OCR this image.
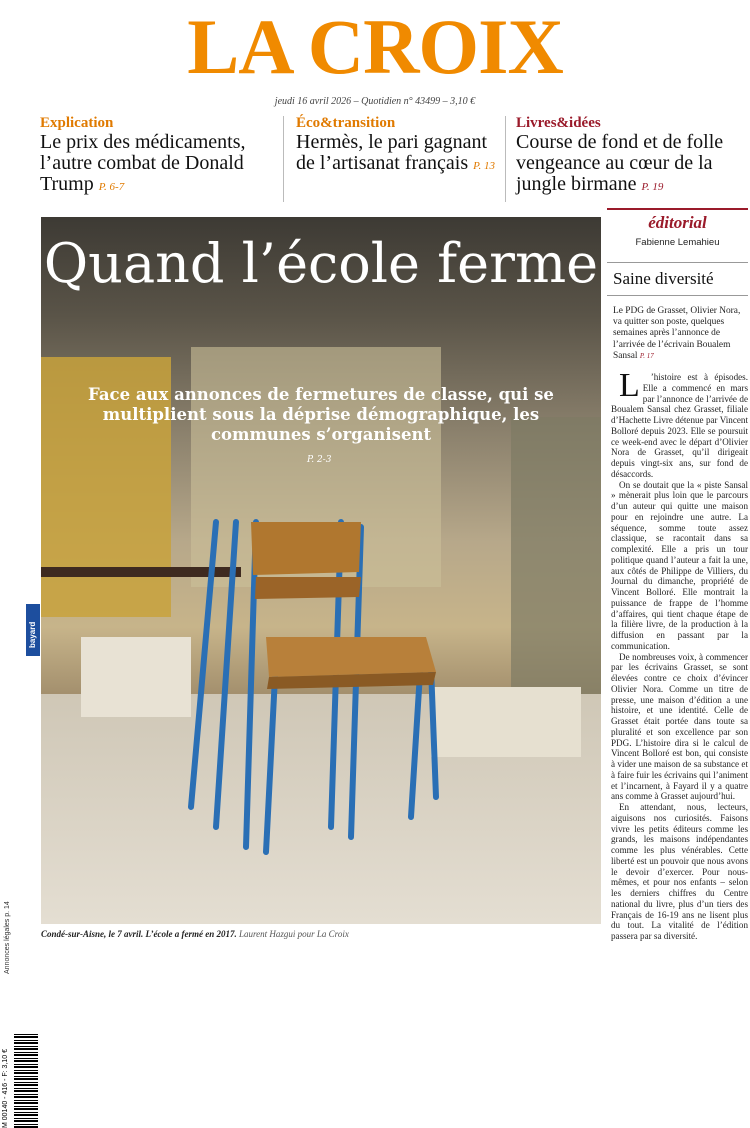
LA CROIX
jeudi 16 avril 2026 – Quotidien n° 43499 – 3,10 €
Explication
Le prix des médicaments, l’autre combat de Donald Trump P. 6-7
Éco&transition
Hermès, le pari gagnant de l’artisanat français P. 13
Livres&idées
Course de fond et de folle vengeance au cœur de la jungle birmane P. 19
bayard
Annonces légales p. 14
M 00140 - 416 - F: 3,10 €
Quand l’école ferme
Face aux annonces de fermetures de classe, qui se multiplient sous la déprise démographique, les communes s’organisent
P. 2-3
Condé-sur-Aisne, le 7 avril. L’école a fermé en 2017. Laurent Hazgui pour La Croix
éditorial
Fabienne Lemahieu
Saine diversité
Le PDG de Grasset, Olivier Nora, va quitter son poste, quelques semaines après l’annonce de l’arrivée de l’écrivain Boualem Sansal P. 17

L ’histoire est à épisodes. Elle a commencé en mars par l’annonce de l’arrivée de Boualem Sansal chez Grasset, filiale d’Hachette Livre détenue par Vincent Bolloré depuis 2023. Elle se poursuit ce week-end avec le départ d’Olivier Nora de Grasset, qu’il dirigeait depuis vingt-six ans, sur fond de désaccords.

On se doutait que la « piste Sansal » mènerait plus loin que le parcours d’un auteur qui quitte une maison pour en rejoindre une autre. La séquence, somme toute assez classique, se racontait dans sa complexité. Elle a pris un tour politique quand l’auteur a fait la une, aux côtés de Philippe de Villiers, du Journal du dimanche, propriété de Vincent Bolloré. Elle montrait la puissance de frappe de l’homme d’affaires, qui tient chaque étape de la filière livre, de la production à la diffusion en passant par la communication.

De nombreuses voix, à commencer par les écrivains Grasset, se sont élevées contre ce choix d’évincer Olivier Nora. Comme un titre de presse, une maison d’édition a une histoire, et une identité. Celle de Grasset était portée dans toute sa pluralité et son excellence par son PDG. L’histoire dira si le calcul de Vincent Bolloré est bon, qui consiste à vider une maison de sa substance et à faire fuir les écrivains qui l’animent et l’incarnent, à Fayard il y a quatre ans comme à Grasset aujourd’hui.

En attendant, nous, lecteurs, aiguisons nos curiosités. Faisons vivre les petits éditeurs comme les grands, les maisons indépendantes comme les plus vénérables. Cette liberté est un pouvoir que nous avons le devoir d’exercer. Pour nous-mêmes, et pour nos enfants – selon les derniers chiffres du Centre national du livre, plus d’un tiers des Français de 16-19 ans ne lisent plus du tout. La vitalité de l’édition passera par sa diversité.
